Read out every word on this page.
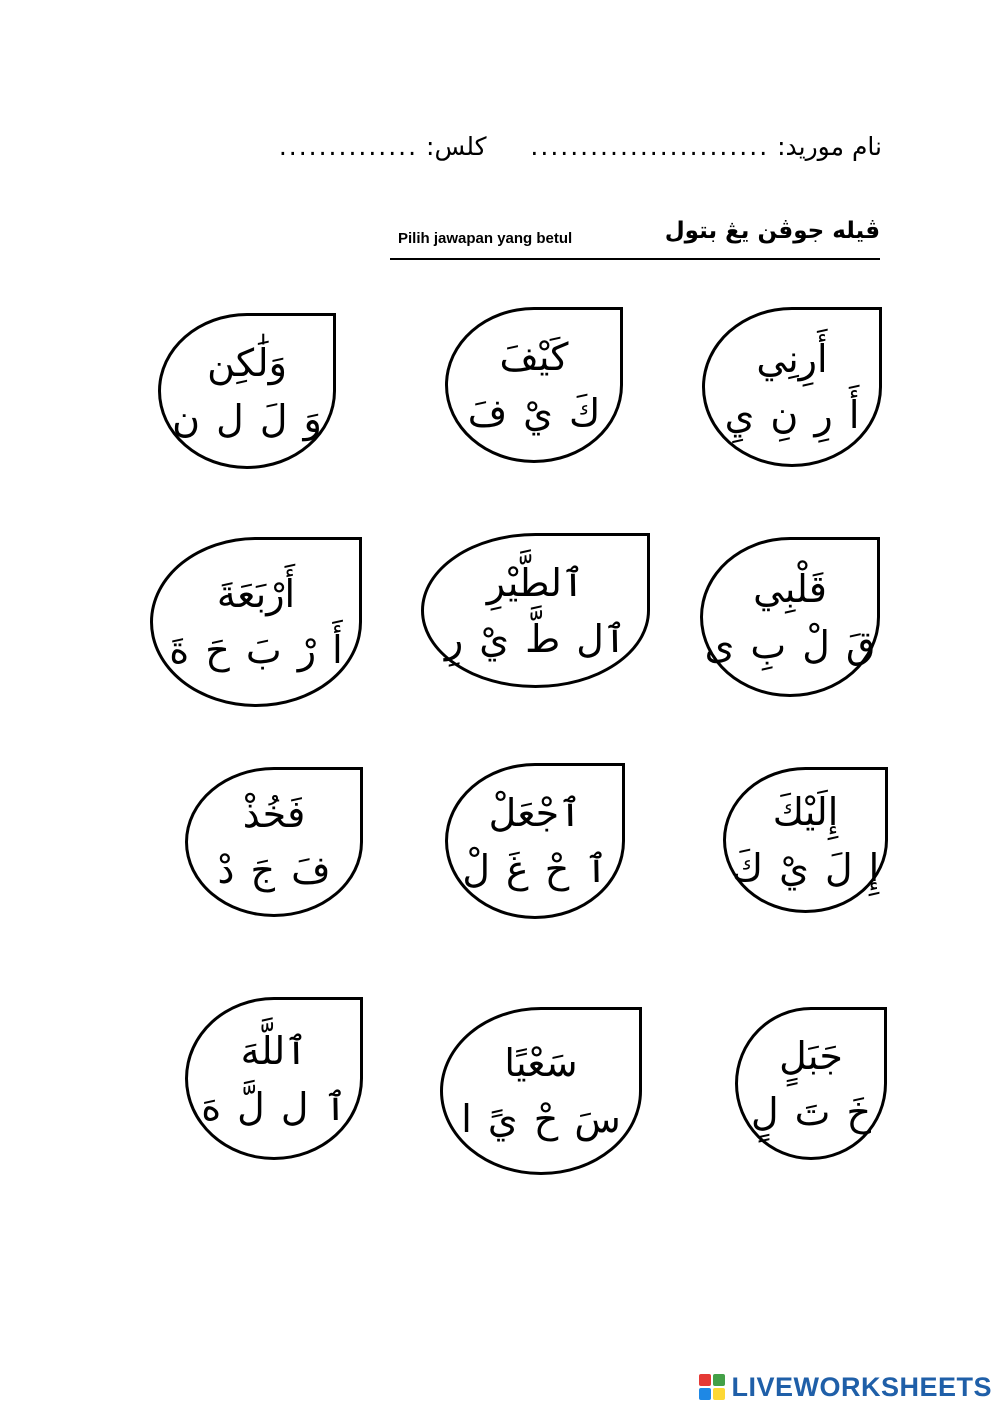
نام موريد: ........................  كلس: ..............
ڤيله جوڤن يڠ بتول
Pilih jawapan yang betul
أَرِنِي
أَ رِ نِ يِ
كَيْفَ
كَ يْ فَ
وَلَٰكِن
وَ لَ ل ن
قَلْبِي
قَ لْ بِ ى
ٱلطَّيْرِ
ٱل طَّ يْ رِ
أَرْبَعَةَ
أَ رْ بَ حَ ةَ
إِلَيْكَ
إِ لَ يْ كَ
ٱجْعَلْ
ٱ حْ غَ لْ
فَخُذْ
فَ جَ دْ
جَبَلٍ
خَ تَ لٍ
سَعْيًا
سَ حْ يً ا
ٱللَّهَ
ٱ ل لَّ هَ
LIVEWORKSHEETS
